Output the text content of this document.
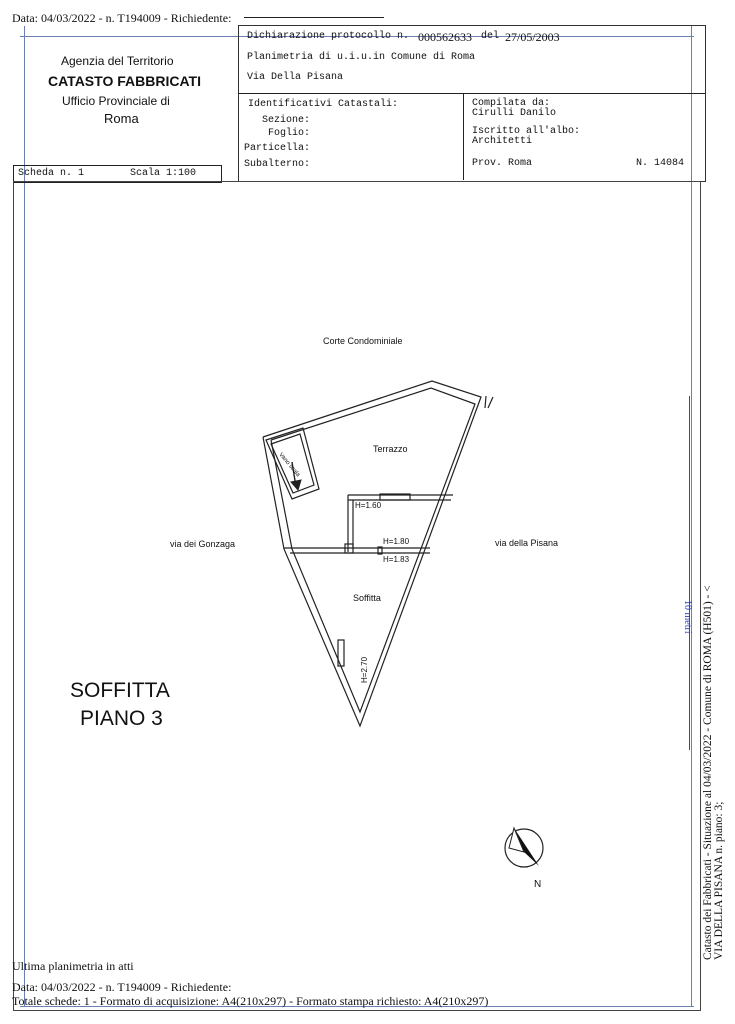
Data: 04/03/2022 - n. T194009 - Richiedente:
Agenzia del Territorio
CATASTO FABBRICATI
Ufficio Provinciale di
Roma
Dichiarazione protocollo n. 000562633 del 27/05/2003
Planimetria di u.i.u.in Comune di Roma
Via Della Pisana
Identificativi Catastali:
Sezione:
Foglio:
Particella:
Subalterno:
Compilata da:
Cirulli Danilo
Iscritto all'albo:
Architetti
Prov. Roma	N. 14084
Scheda n. 1	Scala 1:100
Corte Condominiale
Terrazzo
Vano scala
H=1.60
H=1.80
H=1.83
Soffitta
H=2.70
via dei Gonzaga	via della Pisana
SOFFITTA
PIANO 3
N	Catasto dei Fabbricati - Situazione al 04/03/2022 - Comune di ROMA (H501) - < VIA DELLA PISANA n. piano: 3;
10 metri
Ultima planimetria in atti
Data: 04/03/2022 - n. T194009 - Richiedente:
Totale schede: 1 - Formato di acquisizione: A4(210x297) - Formato stampa richiesto: A4(210x297)
